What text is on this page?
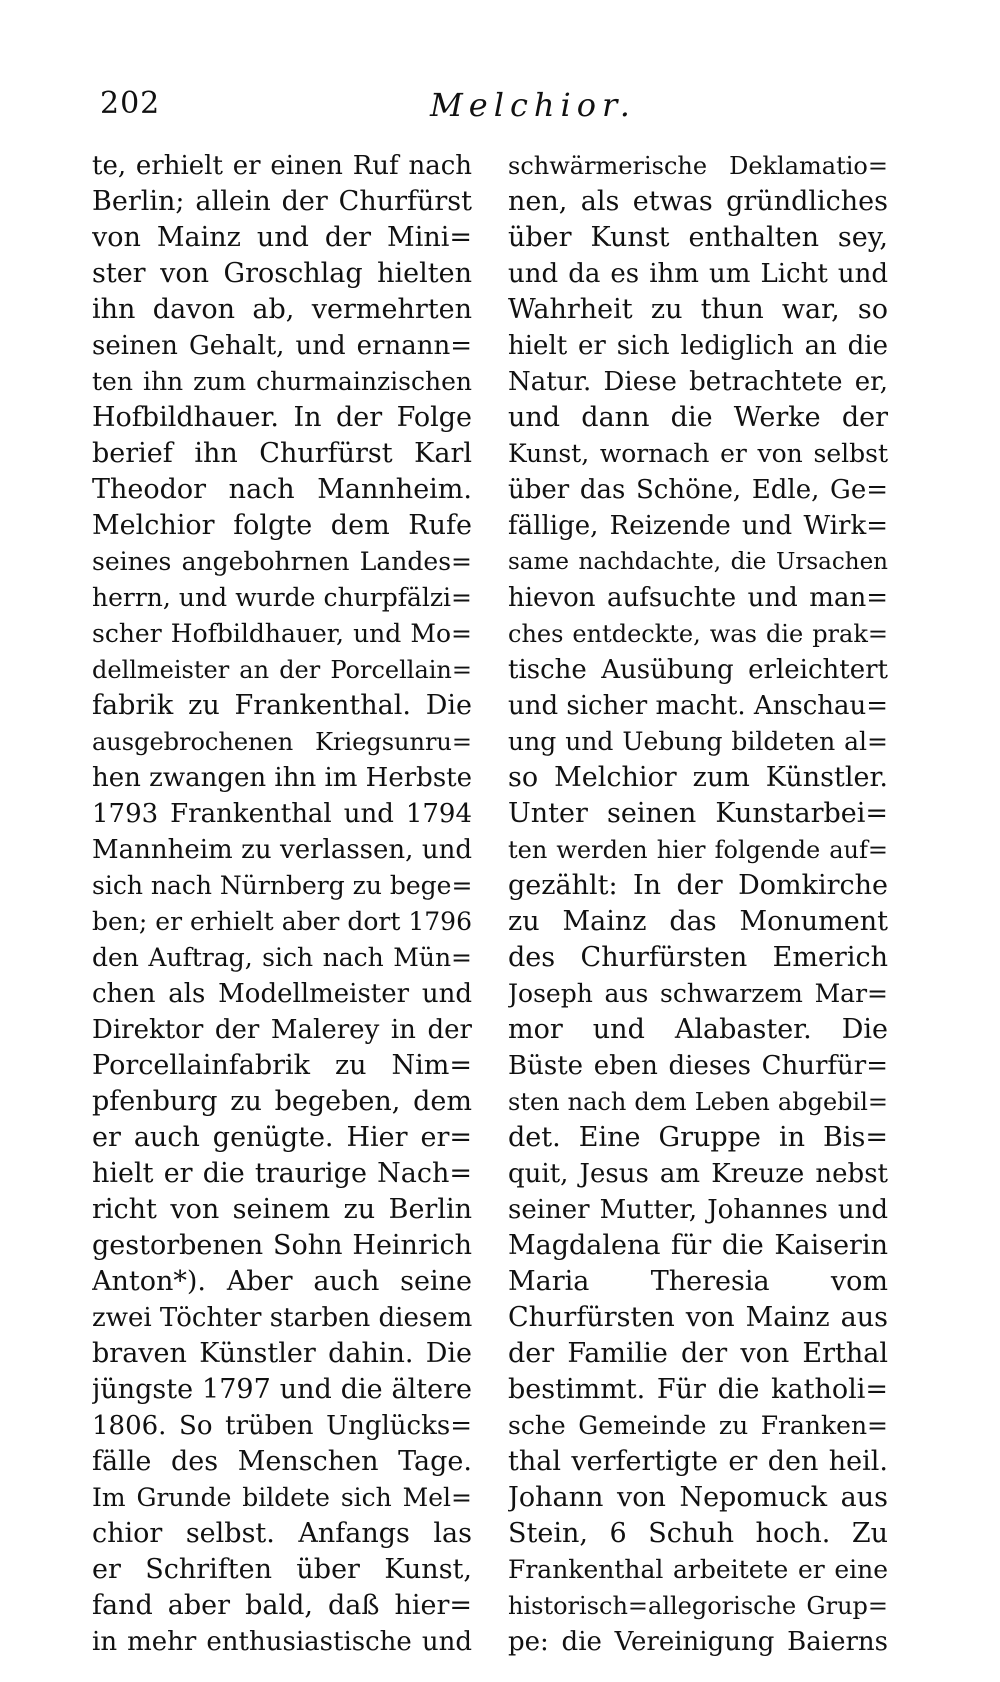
202	Melchior.
te, erhielt er einen Ruf nach
Berlin; allein der Churfürst
von Mainz und der Mini=
ster von Groschlag hielten
ihn davon ab, vermehrten
seinen Gehalt, und ernann=
ten ihn zum churmainzischen
Hofbildhauer. In der Folge
berief ihn Churfürst Karl
Theodor nach Mannheim.
Melchior folgte dem Rufe
seines angebohrnen Landes=
herrn, und wurde churpfälzi=
scher Hofbildhauer, und Mo=
dellmeister an der Porcellain=
fabrik zu Frankenthal. Die
ausgebrochenen Kriegsunru=
hen zwangen ihn im Herbste
1793 Frankenthal und 1794
Mannheim zu verlassen, und
sich nach Nürnberg zu bege=
ben; er erhielt aber dort 1796
den Auftrag, sich nach Mün=
chen als Modellmeister und
Direktor der Malerey in der
Porcellainfabrik zu Nim=
pfenburg zu begeben, dem
er auch genügte. Hier er=
hielt er die traurige Nach=
richt von seinem zu Berlin
gestorbenen Sohn Heinrich
Anton*). Aber auch seine
zwei Töchter starben diesem
braven Künstler dahin. Die
jüngste 1797 und die ältere
1806. So trüben Unglücks=
fälle des Menschen Tage.
Im Grunde bildete sich Mel=
chior selbst. Anfangs las
er Schriften über Kunst,
fand aber bald, daß hier=
in mehr enthusiastische und
schwärmerische Deklamatio=
nen, als etwas gründliches
über Kunst enthalten sey,
und da es ihm um Licht und
Wahrheit zu thun war, so
hielt er sich lediglich an die
Natur. Diese betrachtete er,
und dann die Werke der
Kunst, wornach er von selbst
über das Schöne, Edle, Ge=
fällige, Reizende und Wirk=
same nachdachte, die Ursachen
hievon aufsuchte und man=
ches entdeckte, was die prak=
tische Ausübung erleichtert
und sicher macht. Anschau=
ung und Uebung bildeten al=
so Melchior zum Künstler.
Unter seinen Kunstarbei=
ten werden hier folgende auf=
gezählt: In der Domkirche
zu Mainz das Monument
des Churfürsten Emerich
Joseph aus schwarzem Mar=
mor und Alabaster. Die
Büste eben dieses Churfür=
sten nach dem Leben abgebil=
det. Eine Gruppe in Bis=
quit, Jesus am Kreuze nebst
seiner Mutter, Johannes und
Magdalena für die Kaiserin
Maria Theresia vom
Churfürsten von Mainz aus
der Familie der von Erthal
bestimmt. Für die katholi=
sche Gemeinde zu Franken=
thal verfertigte er den heil.
Johann von Nepomuck aus
Stein, 6 Schuh hoch. Zu
Frankenthal arbeitete er eine
historisch=allegorische Grup=
pe: die Vereinigung Baierns
